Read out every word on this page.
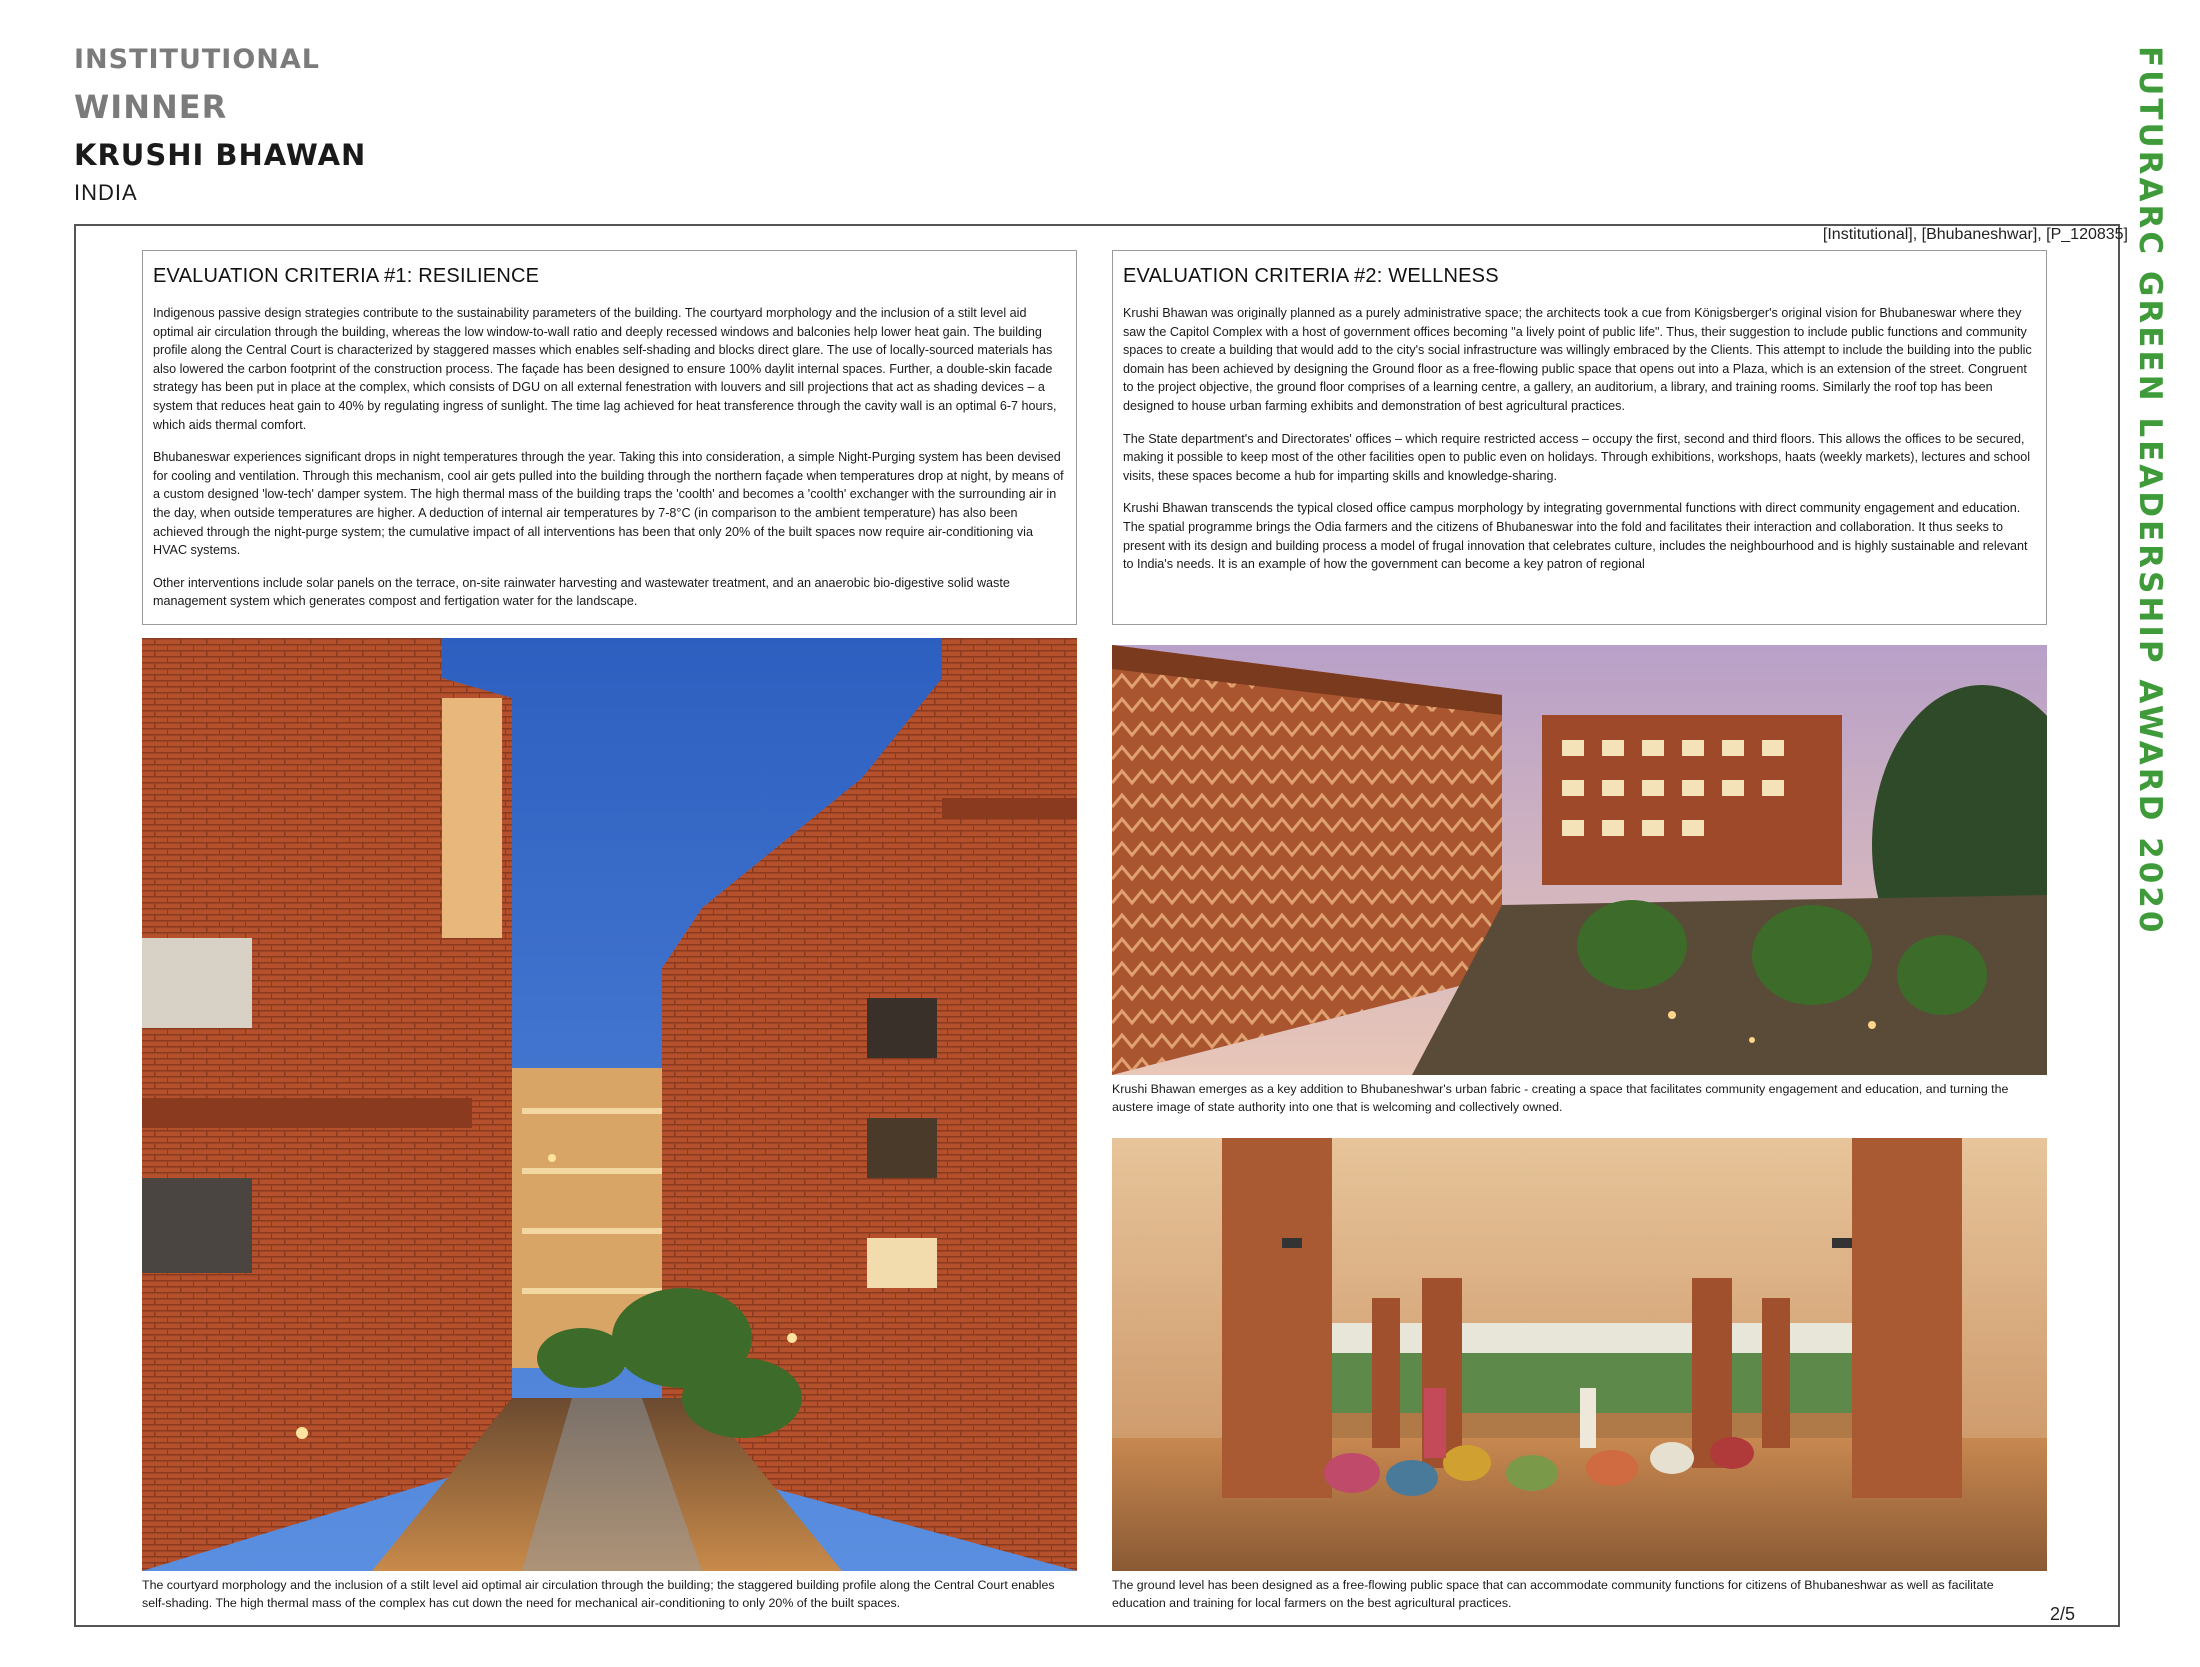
INSTITUTIONAL
WINNER
KRUSHI BHAWAN
INDIA	FUTURARC GREEN LEADERSHIP AWARD 2020
[Institutional], [Bhubaneshwar], [P_120835]
EVALUATION CRITERIA #1: RESILIENCE

Indigenous passive design strategies contribute to the sustainability parameters of the building. The courtyard morphology and the inclusion of a stilt level aid optimal air circulation through the building, whereas the low window-to-wall ratio and deeply recessed windows and balconies help lower heat gain. The building profile along the Central Court is characterized by staggered masses which enables self-shading and blocks direct glare. The use of locally-sourced materials has also lowered the carbon footprint of the construction process. The façade has been designed to ensure 100% daylit internal spaces. Further, a double-skin facade strategy has been put in place at the complex, which consists of DGU on all external fenestration with louvers and sill projections that act as shading devices – a system that reduces heat gain to 40% by regulating ingress of sunlight. The time lag achieved for heat transference through the cavity wall is an optimal 6-7 hours, which aids thermal comfort.

Bhubaneswar experiences significant drops in night temperatures through the year. Taking this into consideration, a simple Night-Purging system has been devised for cooling and ventilation. Through this mechanism, cool air gets pulled into the building through the northern façade when temperatures drop at night, by means of a custom designed 'low-tech' damper system. The high thermal mass of the building traps the 'coolth' and becomes a 'coolth' exchanger with the surrounding air in the day, when outside temperatures are higher. A deduction of internal air temperatures by 7-8°C (in comparison to the ambient temperature) has also been achieved through the night-purge system; the cumulative impact of all interventions has been that only 20% of the built spaces now require air-conditioning via HVAC systems.

Other interventions include solar panels on the terrace, on-site rainwater harvesting and wastewater treatment, and an anaerobic bio-digestive solid waste management system which generates compost and fertigation water for the landscape.

EVALUATION CRITERIA #2: WELLNESS

Krushi Bhawan was originally planned as a purely administrative space; the architects took a cue from Königsberger's original vision for Bhubaneswar where they saw the Capitol Complex with a host of government offices becoming "a lively point of public life". Thus, their suggestion to include public functions and community spaces to create a building that would add to the city's social infrastructure was willingly embraced by the Clients. This attempt to include the building into the public domain has been achieved by designing the Ground floor as a free-flowing public space that opens out into a Plaza, which is an extension of the street. Congruent to the project objective, the ground floor comprises of a learning centre, a gallery, an auditorium, a library, and training rooms. Similarly the roof top has been designed to house urban farming exhibits and demonstration of best agricultural practices.

The State department's and Directorates' offices – which require restricted access – occupy the first, second and third floors. This allows the offices to be secured, making it possible to keep most of the other facilities open to public even on holidays. Through exhibitions, workshops, haats (weekly markets), lectures and school visits, these spaces become a hub for imparting skills and knowledge-sharing.

Krushi Bhawan transcends the typical closed office campus morphology by integrating governmental functions with direct community engagement and education. The spatial programme brings the Odia farmers and the citizens of Bhubaneswar into the fold and facilitates their interaction and collaboration. It thus seeks to present with its design and building process a model of frugal innovation that celebrates culture, includes the neighbourhood and is highly sustainable and relevant to India's needs. It is an example of how the government can become a key patron of regional

The courtyard morphology and the inclusion of a stilt level aid optimal air circulation through the building; the staggered building profile along the Central Court enables self-shading. The high thermal mass of the complex has cut down the need for mechanical air-conditioning to only 20% of the built spaces.
Krushi Bhawan emerges as a key addition to Bhubaneshwar's urban fabric - creating a space that facilitates community engagement and education, and turning the austere image of state authority into one that is welcoming and collectively owned.
The ground level has been designed as a free-flowing public space that can accommodate community functions for citizens of Bhubaneshwar as well as facilitate education and training for local farmers on the best agricultural practices.
2/5
